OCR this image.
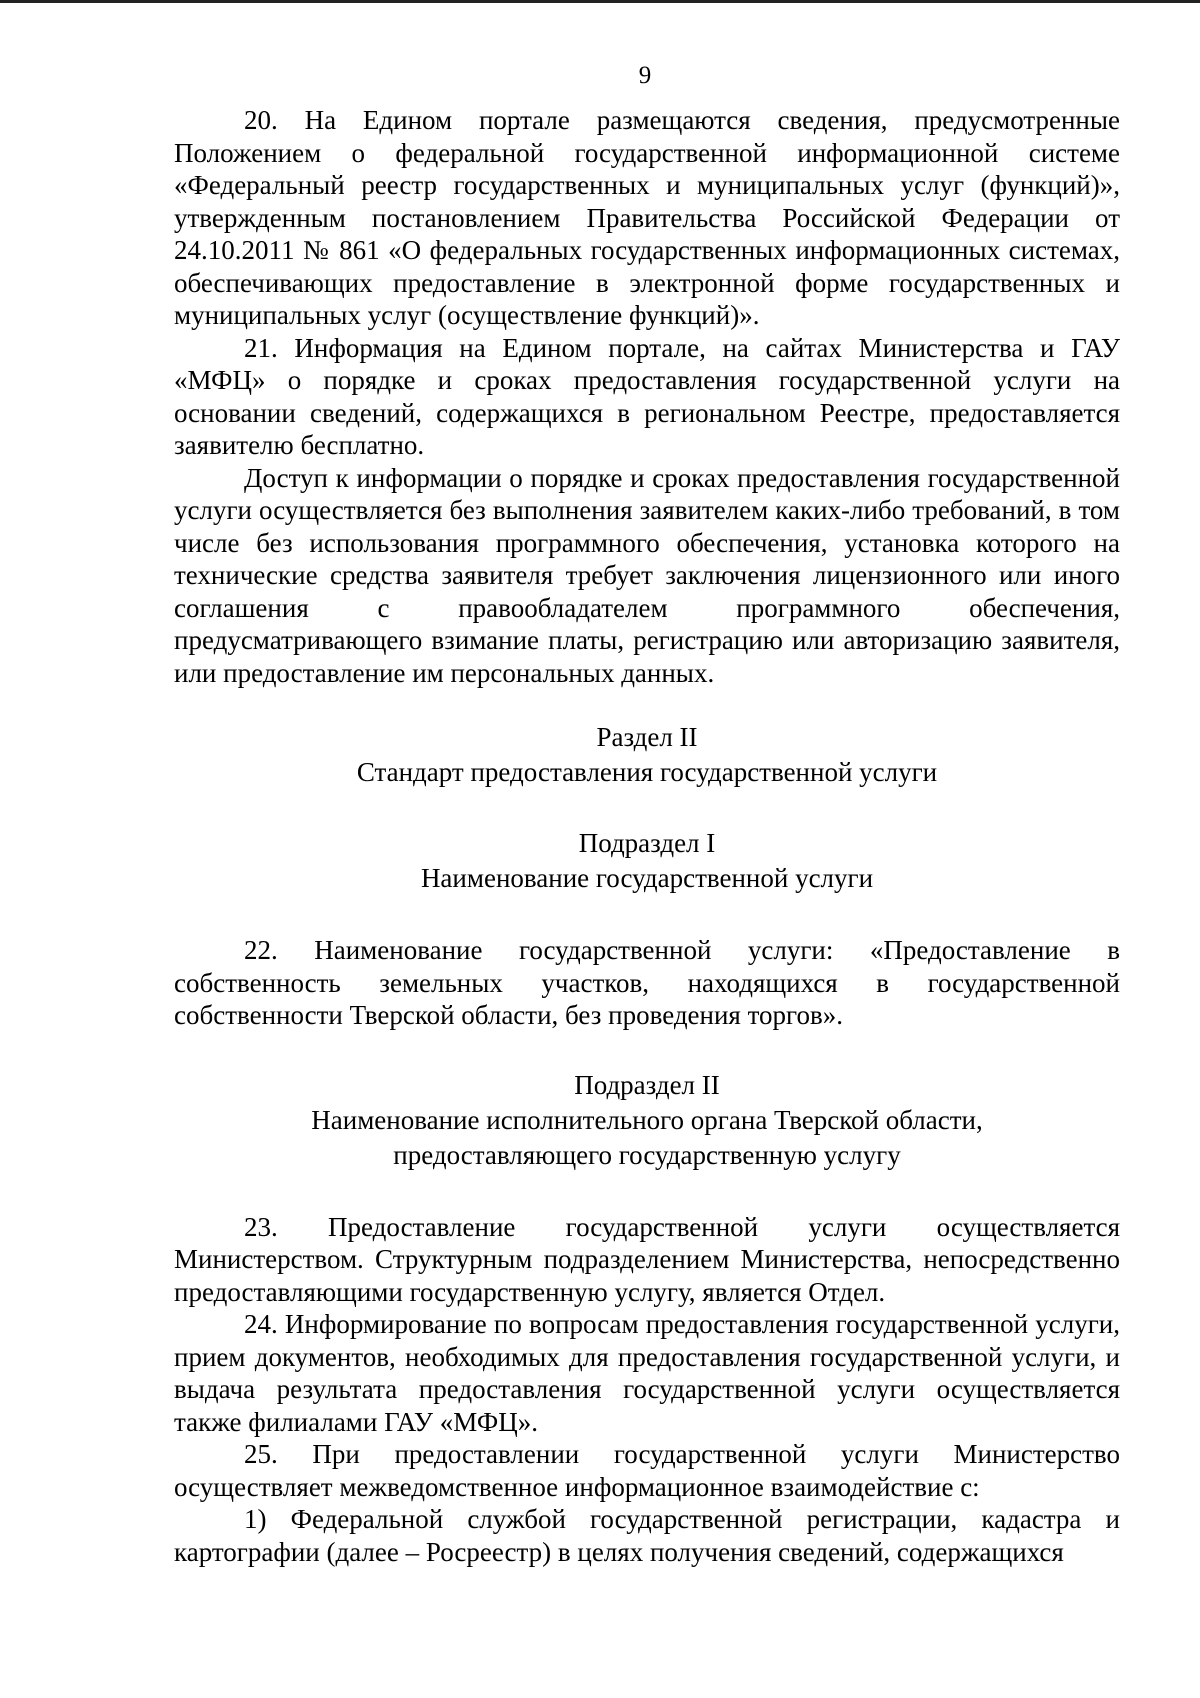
9

20. На Едином портале размещаются сведения, предусмотренные Положением о федеральной государственной информационной системе «Федеральный реестр государственных и муниципальных услуг (функций)», утвержденным постановлением Правительства Российской Федерации от 24.10.2011 № 861 «О федеральных государственных информационных системах, обеспечивающих предоставление в электронной форме государственных и муниципальных услуг (осуществление функций)».

21. Информация на Едином портале, на сайтах Министерства и ГАУ «МФЦ» о порядке и сроках предоставления государственной услуги на основании сведений, содержащихся в региональном Реестре, предоставляется заявителю бесплатно.

Доступ к информации о порядке и сроках предоставления государственной услуги осуществляется без выполнения заявителем каких-либо требований, в том числе без использования программного обеспечения, установка которого на технические средства заявителя требует заключения лицензионного или иного соглашения с правообладателем программного обеспечения, предусматривающего взимание платы, регистрацию или авторизацию заявителя, или предоставление им персональных данных.

Раздел II

Стандарт предоставления государственной услуги

Подраздел I

Наименование государственной услуги

22. Наименование государственной услуги: «Предоставление в собственность земельных участков, находящихся в государственной собственности Тверской области, без проведения торгов».

Подраздел II

Наименование исполнительного органа Тверской области,

предоставляющего государственную услугу

23. Предоставление государственной услуги осуществляется Министерством. Структурным подразделением Министерства, непосредственно предоставляющими государственную услугу, является Отдел.

24. Информирование по вопросам предоставления государственной услуги, прием документов, необходимых для предоставления государственной услуги, и выдача результата предоставления государственной услуги осуществляется также филиалами ГАУ «МФЦ».

25. При предоставлении государственной услуги Министерство осуществляет межведомственное информационное взаимодействие с:

1) Федеральной службой государственной регистрации, кадастра и картографии (далее – Росреестр) в целях получения сведений, содержащихся
